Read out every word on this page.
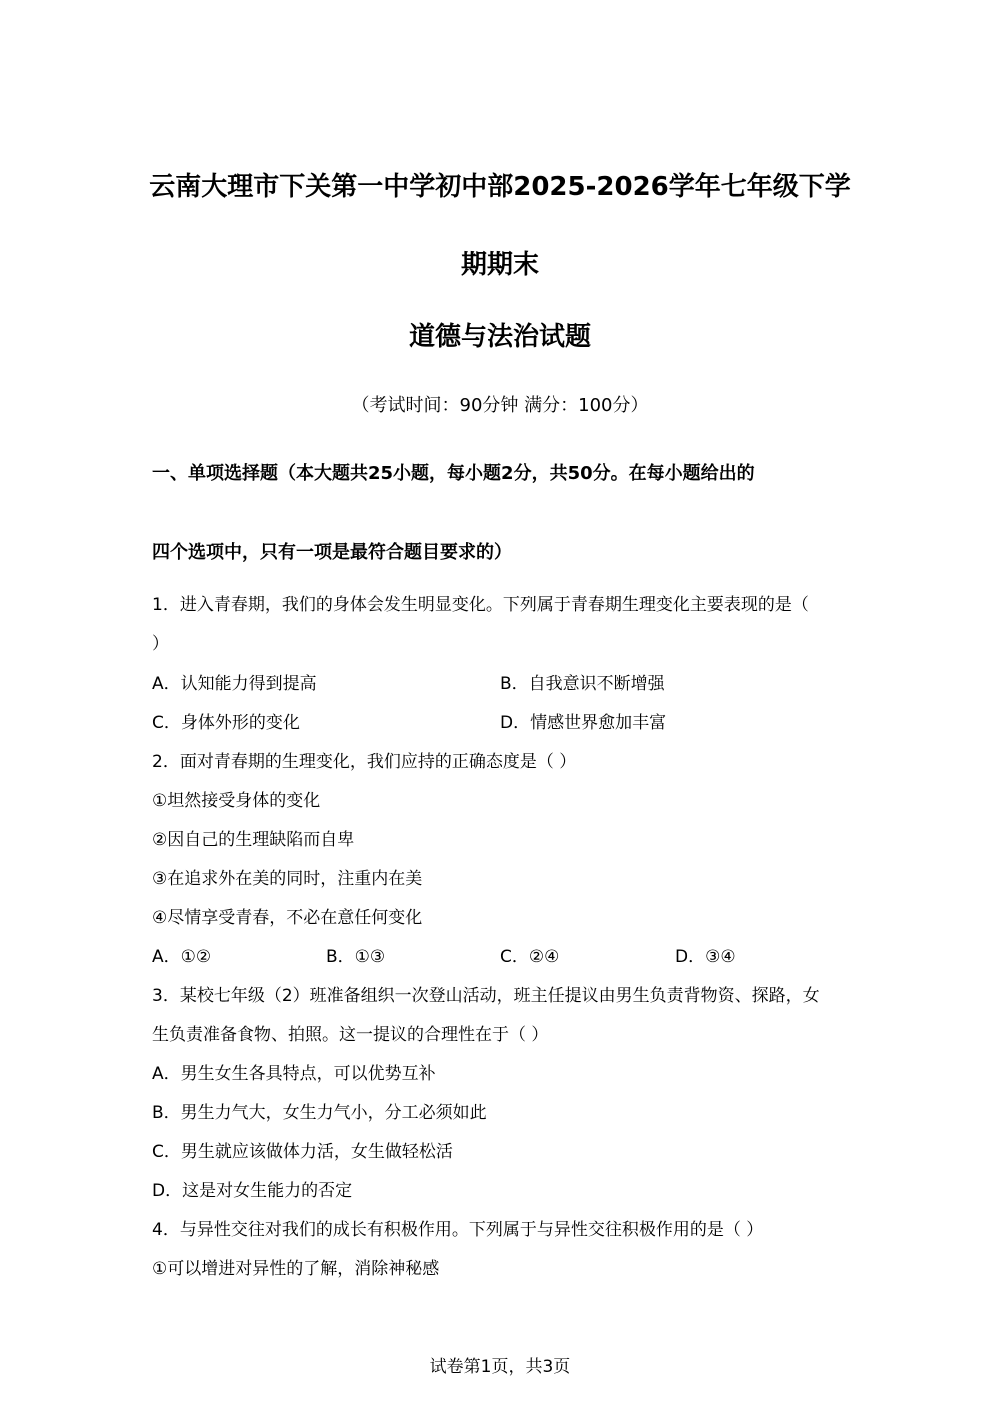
云南大理市下关第一中学初中部2025-2026学年七年级下学
期期末
道德与法治试题
（考试时间：90分钟 满分：100分）
一、单项选择题（本大题共25小题，每小题2分，共50分。在每小题给出的
四个选项中，只有一项是最符合题目要求的）
1．进入青春期，我们的身体会发生明显变化。下列属于青春期生理变化主要表现的是（
）
A．认知能力得到提高	B．自我意识不断增强
C．身体外形的变化	D．情感世界愈加丰富
2．面对青春期的生理变化，我们应持的正确态度是（ ）
①坦然接受身体的变化
②因自己的生理缺陷而自卑
③在追求外在美的同时，注重内在美
④尽情享受青春，不必在意任何变化
A．①②	B．①③	C．②④	D．③④
3．某校七年级（2）班准备组织一次登山活动，班主任提议由男生负责背物资、探路，女
生负责准备食物、拍照。这一提议的合理性在于（ ）
A．男生女生各具特点，可以优势互补
B．男生力气大，女生力气小，分工必须如此
C．男生就应该做体力活，女生做轻松活
D．这是对女生能力的否定
4．与异性交往对我们的成长有积极作用。下列属于与异性交往积极作用的是（ ）
①可以增进对异性的了解，消除神秘感
试卷第1页，共3页
